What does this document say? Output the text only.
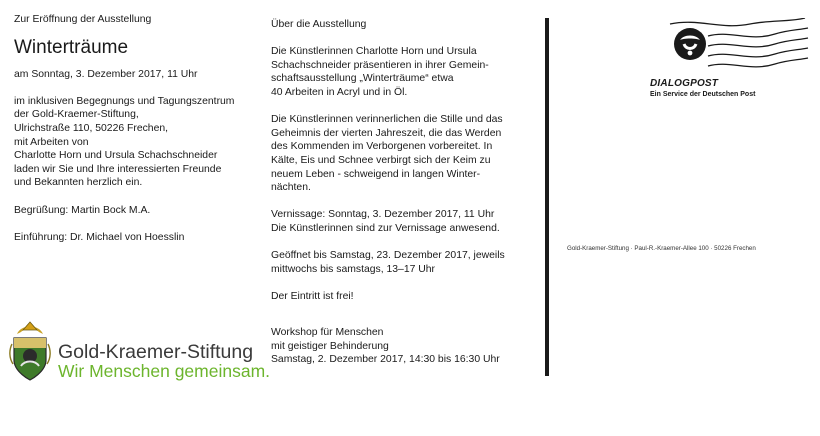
Zur Eröffnung der Ausstellung

Winterträume

am Sonntag, 3. Dezember 2017, 11 Uhr

im inklusiven Begegnungs und Tagungszentrum

der Gold-Kraemer-Stiftung,

Ulrichstraße 110, 50226 Frechen,

mit Arbeiten von

Charlotte Horn und Ursula Schachschneider

laden wir Sie und Ihre interessierten Freunde

und Bekannten herzlich ein.

Begrüßung: Martin Bock M.A.

Einführung: Dr. Michael von Hoesslin

Gold-Kraemer-Stiftung
Wir Menschen gemeinsam.

Über die Ausstellung

Die Künstlerinnen Charlotte Horn und Ursula

Schachschneider präsentieren in ihrer Gemein-

schaftsausstellung „Winterträume“ etwa

40 Arbeiten in Acryl und in Öl.

Die Künstlerinnen verinnerlichen die Stille und das

Geheimnis der vierten Jahreszeit, die das Werden

des Kommenden im Verborgenen vorbereitet. In

Kälte, Eis und Schnee verbirgt sich der Keim zu

neuem Leben - schweigend in langen Winter-

nächten.

Vernissage: Sonntag, 3. Dezember 2017, 11 Uhr

Die Künstlerinnen sind zur Vernissage anwesend.

Geöffnet bis Samstag, 23. Dezember 2017, jeweils

mittwochs bis samstags, 13–17 Uhr

Der Eintritt ist frei!

Workshop für Menschen

mit geistiger Behinderung

Samstag, 2. Dezember 2017, 14:30 bis 16:30 Uhr

DIALOGPOST
Ein Service der Deutschen Post
Gold-Kraemer-Stiftung · Paul-R.-Kraemer-Allee 100 · 50226 Frechen
